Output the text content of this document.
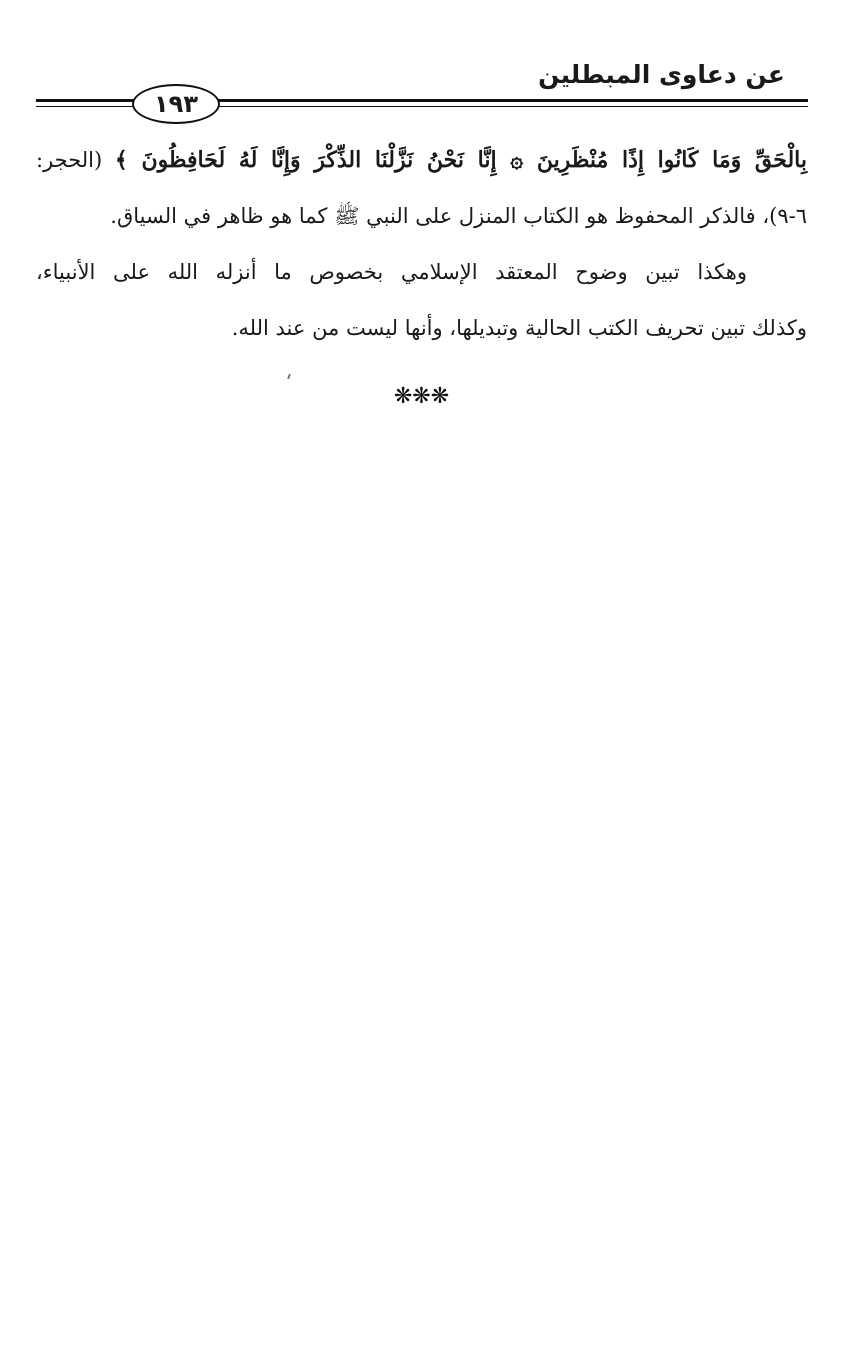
عن دعاوى المبطلين
١٩٣

بِالْحَقِّ وَمَا كَانُوا إِذًا مُنْظَرِينَ ۞ إِنَّا نَحْنُ نَزَّلْنَا الذِّكْرَ وَإِنَّا لَهُ لَحَافِظُونَ ﴾ (الحجر:
٦-٩)، فالذكر المحفوظ هو الكتاب المنزل على النبي ﷺ كما هو ظاهر في السياق.

وهكذا تبين وضوح المعتقد الإسلامي بخصوص ما أنزله الله على الأنبياء،
وكذلك تبين تحريف الكتب الحالية وتبديلها، وأنها ليست من عند الله.

❋❋❋
